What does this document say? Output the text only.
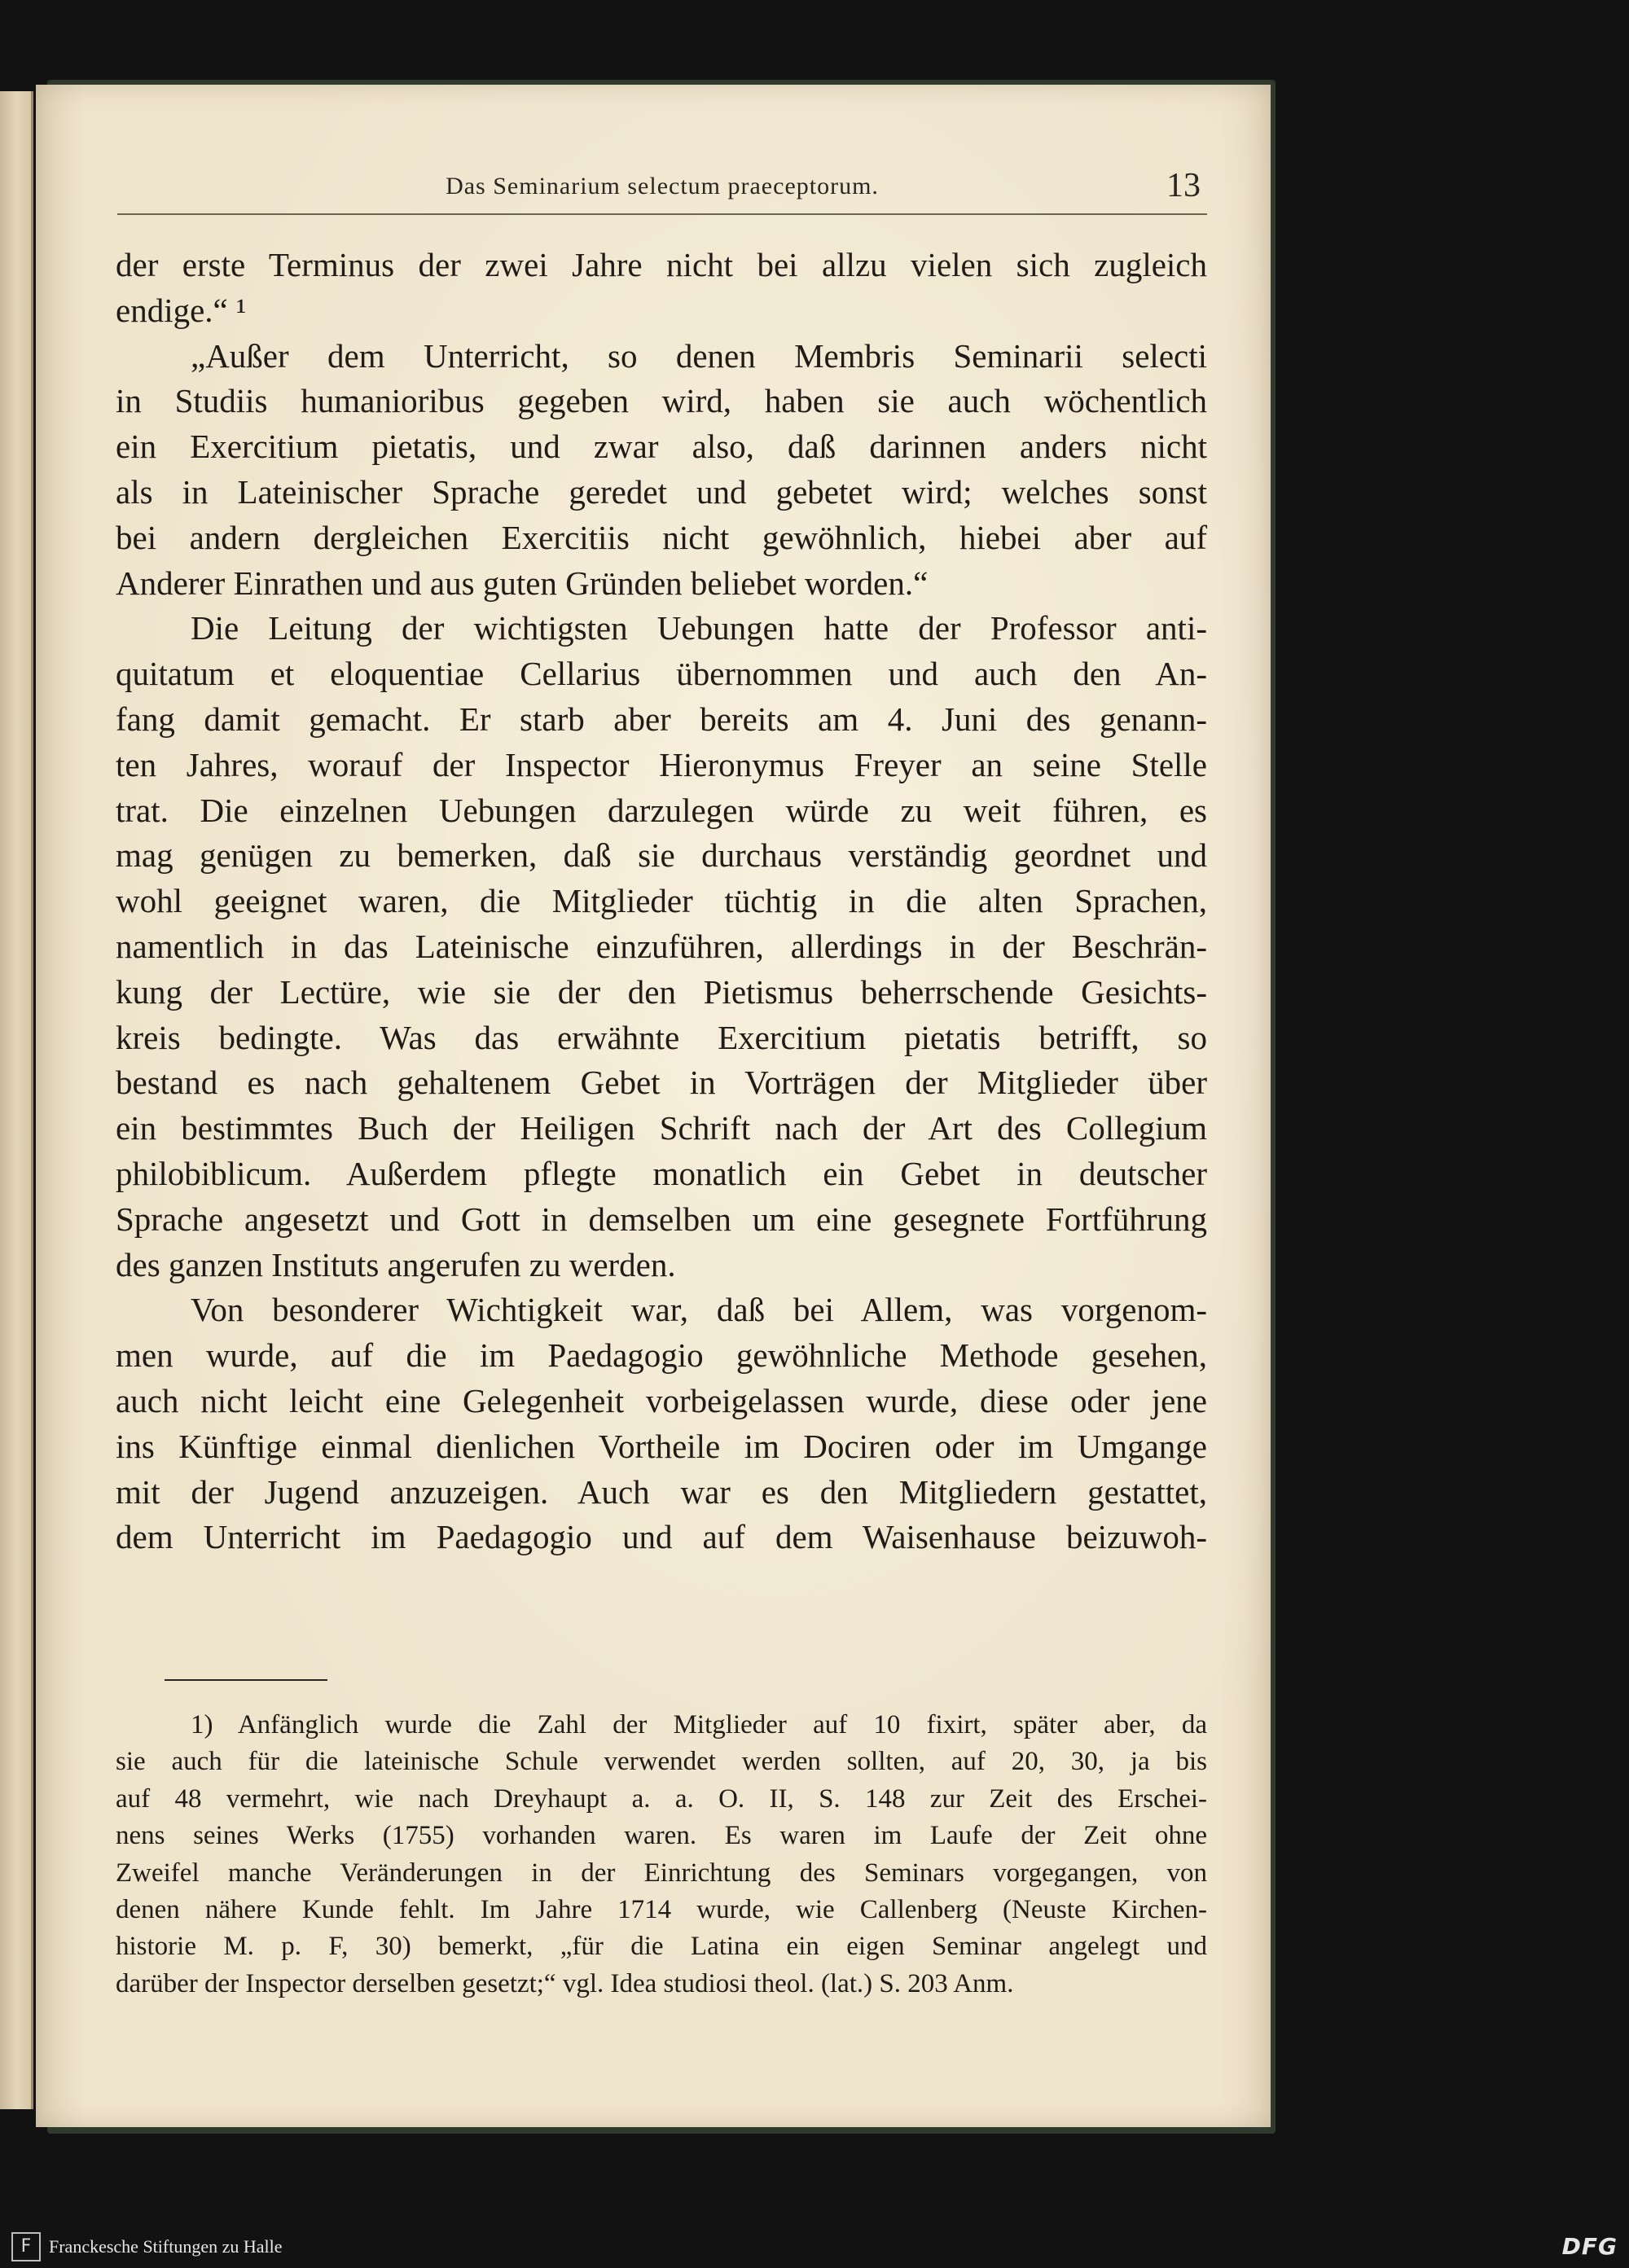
Das Seminarium selectum praeceptorum.	13
der erste Terminus der zwei Jahre nicht bei allzu vielen sich zugleich
endige.“ ¹
„Außer dem Unterricht, so denen Membris Seminarii selecti
in Studiis humanioribus gegeben wird, haben sie auch wöchentlich
ein Exercitium pietatis, und zwar also, daß darinnen anders nicht
als in Lateinischer Sprache geredet und gebetet wird; welches sonst
bei andern dergleichen Exercitiis nicht gewöhnlich, hiebei aber auf
Anderer Einrathen und aus guten Gründen beliebet worden.“
Die Leitung der wichtigsten Uebungen hatte der Professor anti-
quitatum et eloquentiae Cellarius übernommen und auch den An-
fang damit gemacht. Er starb aber bereits am 4. Juni des genann-
ten Jahres, worauf der Inspector Hieronymus Freyer an seine Stelle
trat. Die einzelnen Uebungen darzulegen würde zu weit führen, es
mag genügen zu bemerken, daß sie durchaus verständig geordnet und
wohl geeignet waren, die Mitglieder tüchtig in die alten Sprachen,
namentlich in das Lateinische einzuführen, allerdings in der Beschrän-
kung der Lectüre, wie sie der den Pietismus beherrschende Gesichts-
kreis bedingte. Was das erwähnte Exercitium pietatis betrifft, so
bestand es nach gehaltenem Gebet in Vorträgen der Mitglieder über
ein bestimmtes Buch der Heiligen Schrift nach der Art des Collegium
philobiblicum. Außerdem pflegte monatlich ein Gebet in deutscher
Sprache angesetzt und Gott in demselben um eine gesegnete Fortführung
des ganzen Instituts angerufen zu werden.
Von besonderer Wichtigkeit war, daß bei Allem, was vorgenom-
men wurde, auf die im Paedagogio gewöhnliche Methode gesehen,
auch nicht leicht eine Gelegenheit vorbeigelassen wurde, diese oder jene
ins Künftige einmal dienlichen Vortheile im Dociren oder im Umgange
mit der Jugend anzuzeigen. Auch war es den Mitgliedern gestattet,
dem Unterricht im Paedagogio und auf dem Waisenhause beizuwoh-
1) Anfänglich wurde die Zahl der Mitglieder auf 10 fixirt, später aber, da
sie auch für die lateinische Schule verwendet werden sollten, auf 20, 30, ja bis
auf 48 vermehrt, wie nach Dreyhaupt a. a. O. II, S. 148 zur Zeit des Erschei-
nens seines Werks (1755) vorhanden waren. Es waren im Laufe der Zeit ohne
Zweifel manche Veränderungen in der Einrichtung des Seminars vorgegangen, von
denen nähere Kunde fehlt. Im Jahre 1714 wurde, wie Callenberg (Neuste Kirchen-
historie M. p. F, 30) bemerkt, „für die Latina ein eigen Seminar angelegt und
darüber der Inspector derselben gesetzt;“ vgl. Idea studiosi theol. (lat.) S. 203 Anm.
F Franckesche Stiftungen zu Halle	DFG
